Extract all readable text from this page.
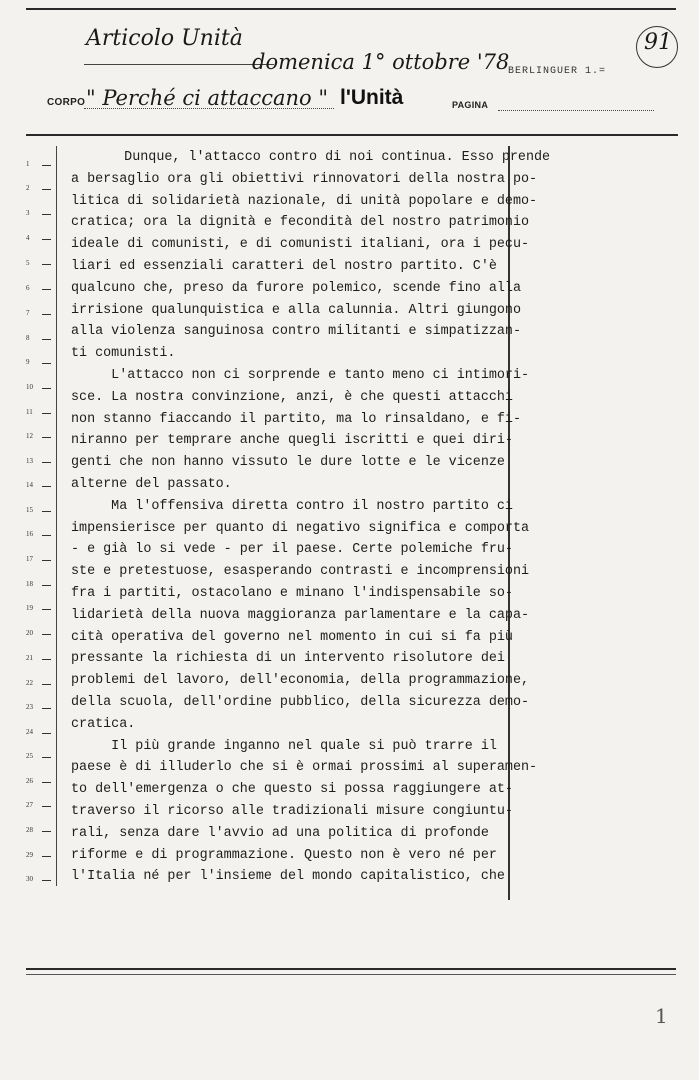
Articolo Unità
domenica 1° ottobre '78
BERLINGUER 1.=
91
CORPO " Perché ci attaccano " l'Unità	PAGINA
1
2
3
4
5
6
7
8
9
10
11
12
13
14
15
16
17
18
19
20
21
22
23
24
25
26
27
28
29
30
Dunque, l'attacco contro di noi continua. Esso prende
a bersaglio ora gli obiettivi rinnovatori della nostra po-
litica di solidarietà nazionale, di unità popolare e demo-
cratica; ora la dignità e fecondità del nostro patrimonio
ideale di comunisti, e di comunisti italiani, ora i pecu-
liari ed essenziali caratteri del nostro partito. C'è
qualcuno che, preso da furore polemico, scende fino alla
irrisione qualunquistica e alla calunnia. Altri giungono
alla violenza sanguinosa contro militanti e simpatizzan-
ti comunisti.
L'attacco non ci sorprende e tanto meno ci intimori-
sce. La nostra convinzione, anzi, è che questi attacchi
non stanno fiaccando il partito, ma lo rinsaldano, e fi-
niranno per temprare anche quegli iscritti e quei diri-
genti che non hanno vissuto le dure lotte e le vicenze
alterne del passato.
Ma l'offensiva diretta contro il nostro partito ci
impensierisce per quanto di negativo significa e comporta
- e già lo si vede - per il paese. Certe polemiche fru-
ste e pretestuose, esasperando contrasti e incomprensioni
fra i partiti, ostacolano e minano l'indispensabile so-
lidarietà della nuova maggioranza parlamentare e la capa-
cità operativa del governo nel momento in cui si fa più
pressante la richiesta di un intervento risolutore dei
problemi del lavoro, dell'economia, della programmazione,
della scuola, dell'ordine pubblico, della sicurezza demo-
cratica.
Il più grande inganno nel quale si può trarre il
paese è di illuderlo che si è ormai prossimi al superamen-
to dell'emergenza o che questo si possa raggiungere at-
traverso il ricorso alle tradizionali misure congiuntu-
rali, senza dare l'avvio ad una politica di profonde
riforme e di programmazione. Questo non è vero né per
l'Italia né per l'insieme del mondo capitalistico, che
1
